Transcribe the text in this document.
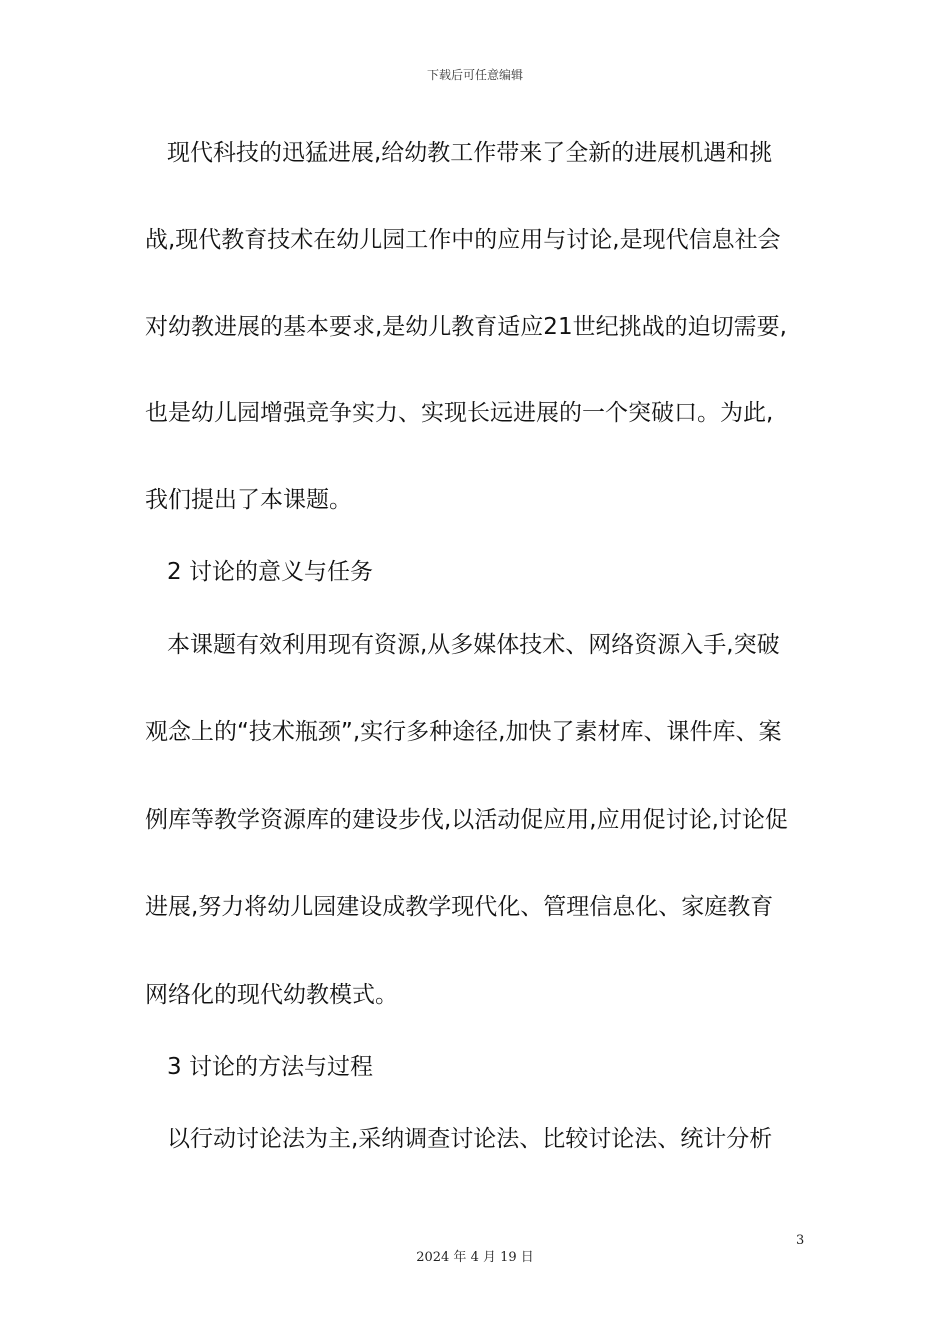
下载后可任意编辑
现代科技的迅猛进展,给幼教工作带来了全新的进展机遇和挑
战,现代教育技术在幼儿园工作中的应用与讨论,是现代信息社会
对幼教进展的基本要求,是幼儿教育适应21世纪挑战的迫切需要,
也是幼儿园增强竞争实力、实现长远进展的一个突破口。为此,
我们提出了本课题。
2 讨论的意义与任务
本课题有效利用现有资源,从多媒体技术、网络资源入手,突破
观念上的“技术瓶颈”,实行多种途径,加快了素材库、课件库、案
例库等教学资源库的建设步伐,以活动促应用,应用促讨论,讨论促
进展,努力将幼儿园建设成教学现代化、管理信息化、家庭教育
网络化的现代幼教模式。
3 讨论的方法与过程
以行动讨论法为主,采纳调查讨论法、比较讨论法、统计分析
3
2024 年 4 月 19 日
